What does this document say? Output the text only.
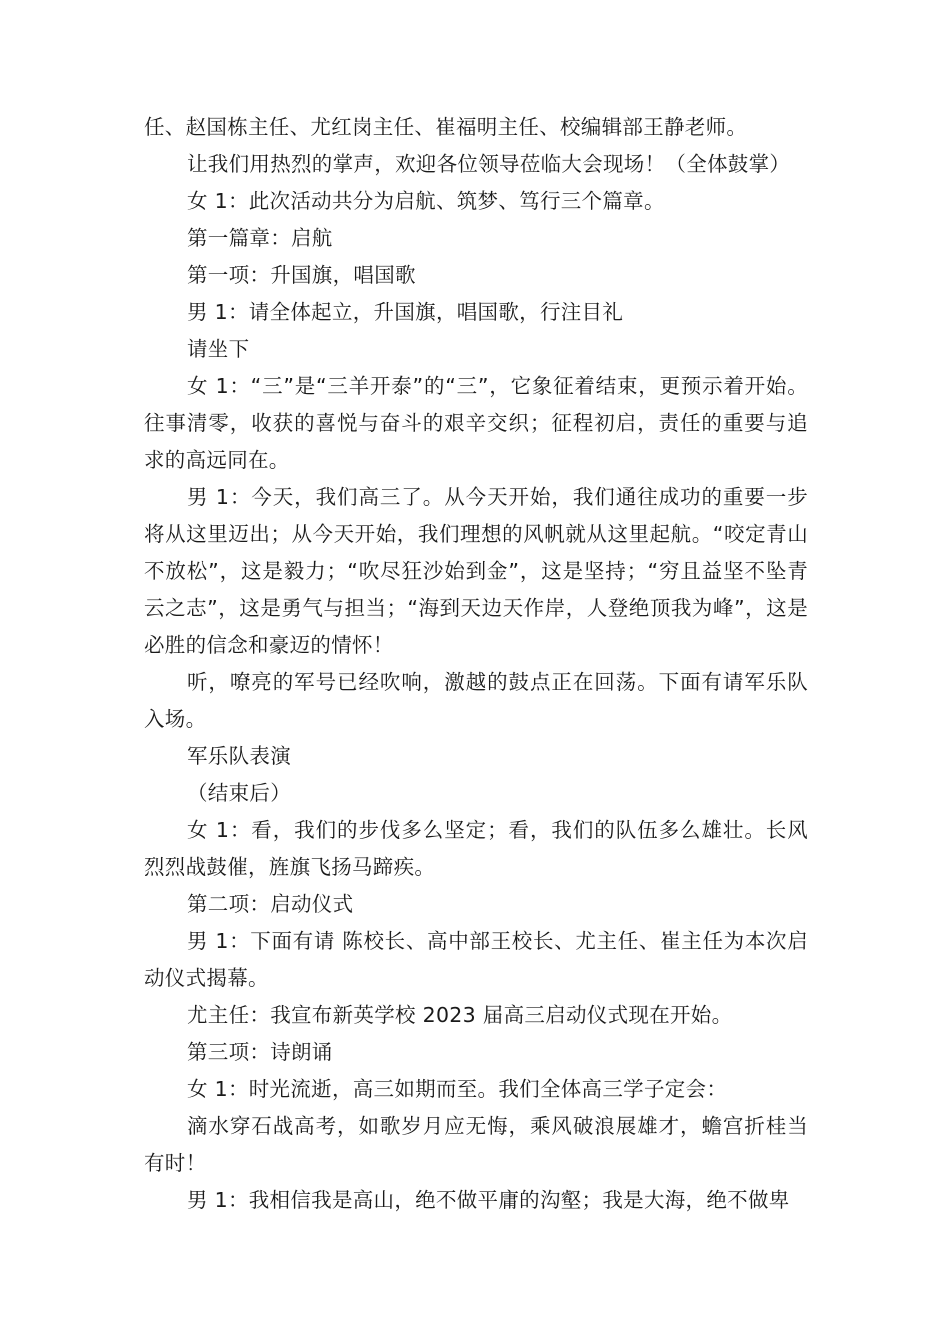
任、赵国栋主任、尤红岗主任、崔福明主任、校编辑部王静老师。

让我们用热烈的掌声，欢迎各位领导莅临大会现场！（全体鼓掌）

女 1：此次活动共分为启航、筑梦、笃行三个篇章。

第一篇章：启航

第一项：升国旗，唱国歌

男 1：请全体起立，升国旗，唱国歌，行注目礼

请坐下

女 1：“三”是“三羊开泰”的“三”，它象征着结束，更预示着开始。往事清零，收获的喜悦与奋斗的艰辛交织；征程初启，责任的重要与追求的高远同在。

男 1：今天，我们高三了。从今天开始，我们通往成功的重要一步将从这里迈出；从今天开始，我们理想的风帆就从这里起航。“咬定青山不放松”，这是毅力；“吹尽狂沙始到金”，这是坚持；“穷且益坚不坠青云之志”，这是勇气与担当；“海到天边天作岸，人登绝顶我为峰”，这是必胜的信念和豪迈的情怀！

听，嘹亮的军号已经吹响，激越的鼓点正在回荡。下面有请军乐队入场。

军乐队表演

（结束后）

女 1：看，我们的步伐多么坚定；看，我们的队伍多么雄壮。长风烈烈战鼓催，旌旗飞扬马蹄疾。

第二项：启动仪式

男 1：下面有请 陈校长、高中部王校长、尤主任、崔主任为本次启动仪式揭幕。

尤主任：我宣布新英学校 2023 届高三启动仪式现在开始。

第三项：诗朗诵

女 1：时光流逝，高三如期而至。我们全体高三学子定会：

滴水穿石战高考，如歌岁月应无悔，乘风破浪展雄才，蟾宫折桂当有时！

男 1：我相信我是高山，绝不做平庸的沟壑；我是大海，绝不做卑
